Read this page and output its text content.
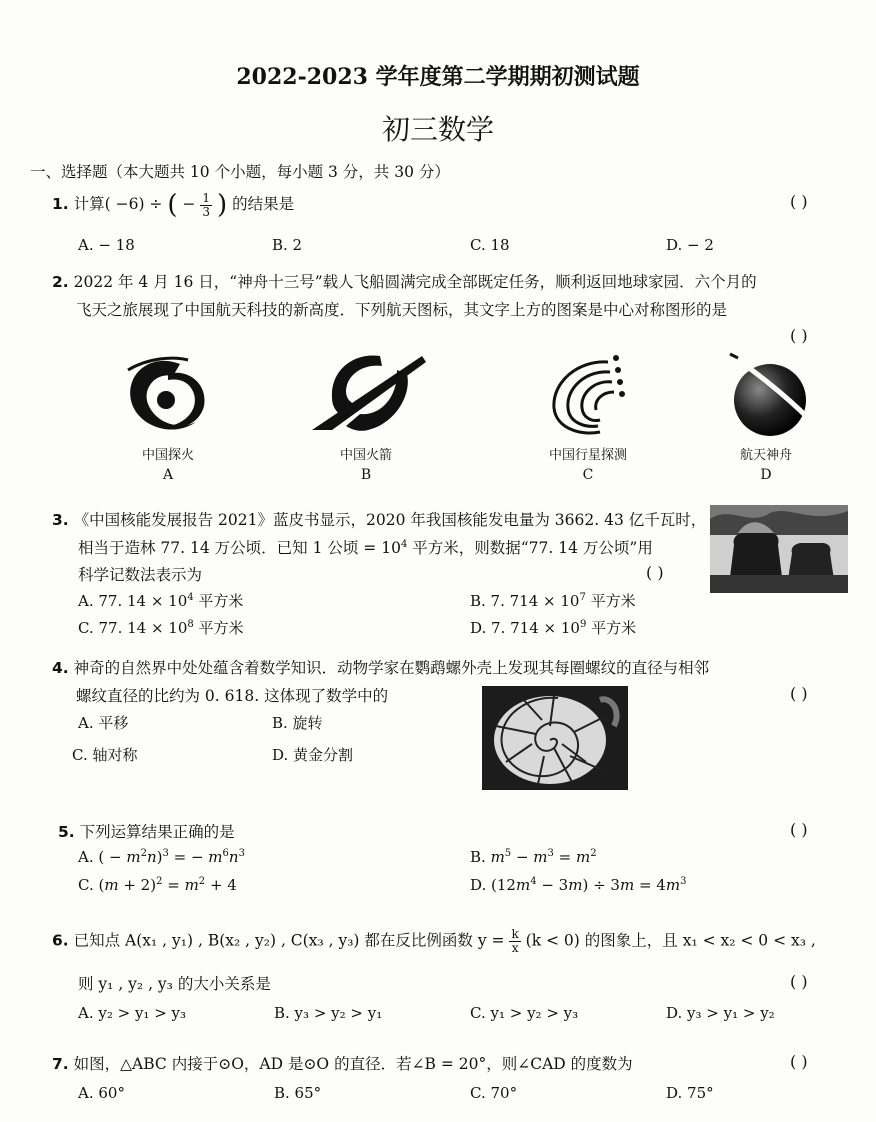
2022-2023 学年度第二学期期初测试题
初三数学
一、选择题（本大题共 10 个小题，每小题 3 分，共 30 分）
1. 计算( −6) ÷ ( − $\frac{1}{3}$ ) 的结果是	( )
A. − 18	B. 2	C. 18	D. − 2
2. 2022 年 4 月 16 日，“神舟十三号”载人飞船圆满完成全部既定任务，顺利返回地球家园．六个月的
飞天之旅展现了中国航天科技的新高度．下列航天图标，其文字上方的图案是中心对称图形的是
( )
中国探火
A
中国火箭
B
中国行星探测
C
航天神舟
D
3. 《中国核能发展报告 2021》蓝皮书显示，2020 年我国核能发电量为 3662. 43 亿千瓦时，
相当于造林 77. 14 万公顷．已知 1 公顷 = $10^4$ 平方米，则数据“77. 14 万公顷”用
科学记数法表示为	( )
A. 77. $14 \times 10^4$ 平方米	B. 7. $714 \times 10^7$ 平方米
C. 77. $14 \times 10^8$ 平方米	D. 7. $714 \times 10^9$ 平方米
4. 神奇的自然界中处处蕴含着数学知识．动物学家在鹦鹉螺外壳上发现其每圈螺纹的直径与相邻
螺纹直径的比约为 0. 618. 这体现了数学中的	( )
A. 平移	B. 旋转
C. 轴对称	D. 黄金分割
5. 下列运算结果正确的是	( )
A. ( − $m^2n)^3$ = − $m^6n^3$	B. $m^5 - m^3 = m^2$
C. $(m + 2)^2 = m^2 + 4$	D. $(12m^4 - 3m) \div 3m = 4m^3$
6. 已知点 A(x₁ , y₁) , B(x₂ , y₂) , C(x₃ , y₃) 都在反比例函数 $y = \frac{k}{x} (k < 0)$ 的图象上，且 x₁ < x₂ < 0 < x₃ ,
则 y₁ , y₂ , y₃ 的大小关系是	( )
A. y₂ > y₁ > y₃	B. y₃ > y₂ > y₁	C. y₁ > y₂ > y₃	D. y₃ > y₁ > y₂
7. 如图，△ABC 内接于⊙O，AD 是⊙O 的直径．若∠B = 20°，则∠CAD 的度数为	( )
A. 60°	B. 65°	C. 70°	D. 75°
